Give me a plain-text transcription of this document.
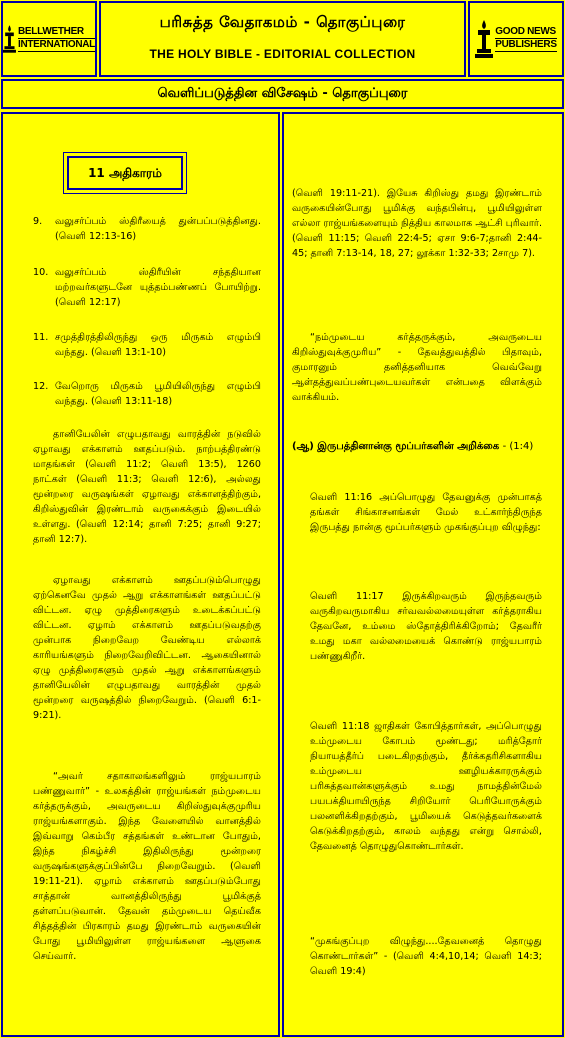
BELLWETHER
INTERNATIONAL
பரிசுத்த வேதாகமம் - தொகுப்புரை
THE HOLY BIBLE - EDITORIAL COLLECTION
GOOD NEWS
PUBLISHERS
வெளிப்படுத்தின விசேஷம் - தொகுப்புரை
11 அதிகாரம்
9. வலுசர்ப்பம் ஸ்திரீயைத் துன்பப்படுத்தினது. (வெளி 12:13-16)
10. வலுசர்ப்பம் ஸ்திரீயின் சந்ததியான மற்றவர்களுடனே யுத்தம்பண்ணப் போயிற்று. (வெளி 12:17)
11. சமுத்திரத்திலிருந்து ஒரு மிருகம் எழும்பி வந்தது. (வெளி 13:1-10)
12. வேறொரு மிருகம் பூமியிலிருந்து எழும்பி வந்தது. (வெளி 13:11-18)

தானியேலின் எழுபதாவது வாரத்தின் நடுவில் ஏழாவது எக்காளம் ஊதப்படும். நாற்பத்திரண்டு மாதங்கள் (வெளி 11:2; வெளி 13:5), 1260 நாட்கள் (வெளி 11:3; வெளி 12:6), அல்லது மூன்றரை வருஷங்கள் ஏழாவது எக்காளத்திற்கும், கிறிஸ்துவின் இரண்டாம் வருகைக்கும் இடையில் உள்ளது. (வெளி 12:14; தானி 7:25; தானி 9:27; தானி 12:7).

ஏழாவது எக்காளம் ஊதப்படும்பொழுது ஏற்கெனவே முதல் ஆறு எக்காளங்கள் ஊதப்பட்டு விட்டன. ஏழு முத்திரைகளும் உடைக்கப்பட்டு விட்டன. ஏழாம் எக்காளம் ஊதப்படுவதற்கு முன்பாக நிறைவேற வேண்டிய எல்லாக் காரியங்களும் நிறைவேறிவிட்டன. ஆகையினால் ஏழு முத்திரைகளும் முதல் ஆறு எக்காளங்களும் தானியேலின் எழுபதாவது வாரத்தின் முதல் மூன்றரை வருஷத்தில் நிறைவேறும். (வெளி 6:1-9:21).

“அவர் சதாகாலங்களிலும் ராஜ்யபாரம் பண்ணுவார்” - உலகத்தின் ராஜ்யங்கள் நம்முடைய கர்த்தருக்கும், அவருடைய கிறிஸ்துவுக்குமுரிய ராஜ்யங்களாகும். இந்த வேளையில் வானத்தில் இவ்வாறு கெம்பீர சத்தங்கள் உண்டான போதும், இந்த நிகழ்ச்சி இதிலிருந்து மூன்றரை வருஷங்களுக்குப்பின்பே நிறைவேறும். (வெளி 19:11-21). ஏழாம் எக்காளம் ஊதப்படும்போது சாத்தான் வானத்திலிருந்து பூமிக்குத் தள்ளப்படுவான். தேவன் தம்முடைய தெய்வீக சித்தத்தின் பிரகாரம் தமது இரண்டாம் வருகையின் போது பூமியிலுள்ள ராஜ்யங்களை ஆளுகை செய்வார்.

(வெளி 19:11-21). இயேசு கிறிஸ்து தமது இரண்டாம் வருகையின்போது பூமிக்கு வந்தபின்பு, பூமியிலுள்ள எல்லா ராஜ்யங்களையும் நித்திய காலமாக ஆட்சி புரிவார். (வெளி 11:15; வெளி 22:4-5; ஏசா 9:6-7;தானி 2:44-45; தானி 7:13-14, 18, 27; லூக்கா 1:32-33; 2சாமு 7).

“நம்முடைய கர்த்தருக்கும், அவருடைய கிறிஸ்துவுக்குமுரிய” - தேவத்துவத்தில் பிதாவும், குமாரனும் தனித்தனியாக வெவ்வேறு ஆள்தத்துவப்பண்புடையவர்கள் என்பதை விளக்கும் வாக்கியம்.

(ஆ) இருபத்தினான்கு மூப்பர்களின் அறிக்கை - (1:4)

வெளி 11:16 அப்பொழுது தேவனுக்கு முன்பாகத் தங்கள் சிங்காசனங்கள் மேல் உட்கார்ந்திருந்த இருபத்து நான்கு மூப்பர்களும் முகங்குப்புற விழுந்து:

வெளி 11:17 இருக்கிறவரும் இருந்தவரும் வருகிறவருமாகிய சர்வவல்லமையுள்ள கர்த்தராகிய தேவனே, உம்மை ஸ்தோத்திரிக்கிறோம்; தேவரீர் உமது மகா வல்லமையைக் கொண்டு ராஜ்யபாரம் பண்ணுகிறீர்.

வெளி 11:18 ஜாதிகள் கோபித்தார்கள், அப்பொழுது உம்முடைய கோபம் மூண்டது; மரித்தோர் நியாயத்தீர்ப் படைகிறதற்கும், தீர்க்கதரிசிகளாகிய உம்முடைய ஊழியக்காரருக்கும் பரிசுத்தவான்களுக்கும் உமது நாமத்தின்மேல் பயபக்தியாயிருந்த சிறியோர் பெரியோருக்கும் பலனளிக்கிறதற்கும், பூமியைக் கெடுத்தவர்களைக் கெடுக்கிறதற்கும், காலம் வந்தது என்று சொல்லி, தேவனைத் தொழுதுகொண்டார்கள்.

“முகங்குப்புற விழுந்து....தேவனைத் தொழுது கொண்டார்கள்” - (வெளி 4:4,10,14; வெளி 14:3; வெளி 19:4)
